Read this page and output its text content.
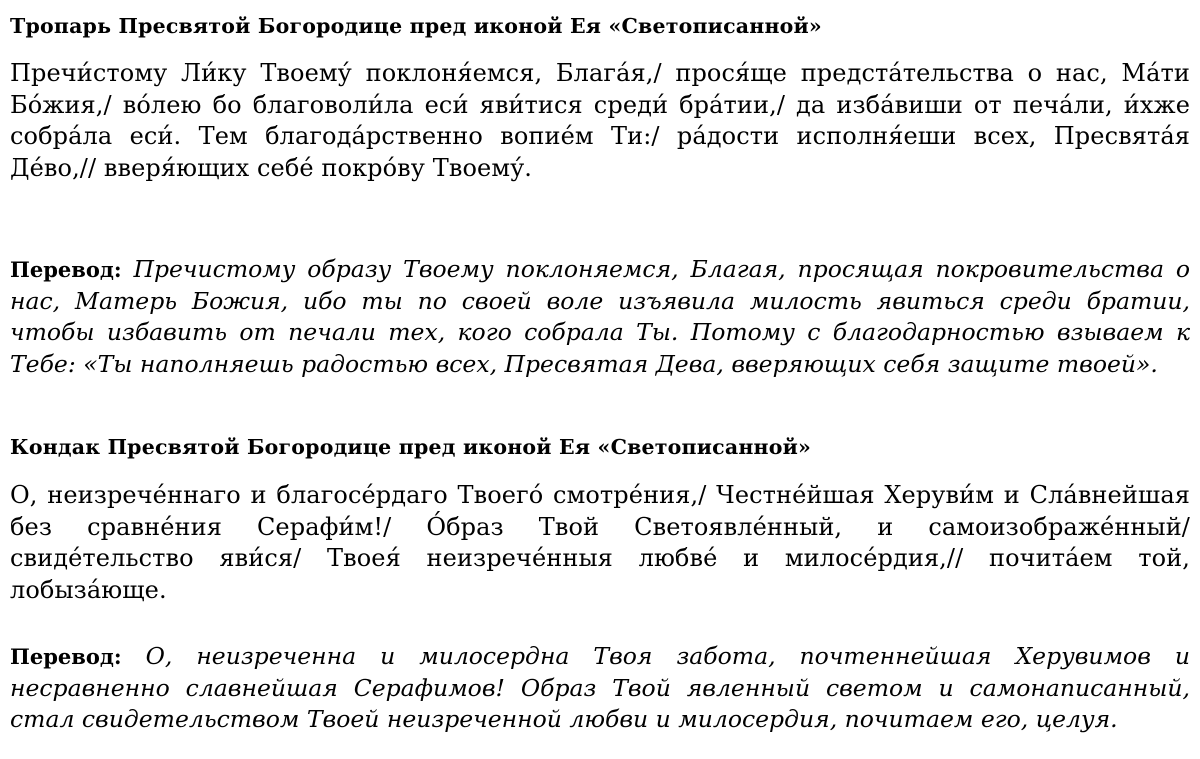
Тропарь Пресвятой Богородице пред иконой Ея «Светописанной»

Пречи́стому Ли́ку Твоему́ поклоня́емся, Блага́я,/ прося́ще предста́тельства о нас, Ма́ти Бо́жия,/ во́лею бо благоволи́ла еси́ яви́тися среди́ бра́тии,/ да изба́виши от печа́ли, и́хже собра́ла еси́. Тем благода́рственно вопие́м Ти:/ ра́дости исполня́еши всех, Пресвята́я Де́во,// вверя́ющих себе́ покро́ву Твоему́.

Перевод: Пречистому образу Твоему поклоняемся, Благая, просящая покровительства о нас, Матерь Божия, ибо ты по своей воле изъявила милость явиться среди братии, чтобы избавить от печали тех, кого собрала Ты. Потому с благодарностью взываем к Тебе: «Ты наполняешь радостью всех, Пресвятая Дева, вверяющих себя защите твоей».

Кондак Пресвятой Богородице пред иконой Ея «Светописанной»

О, неизрече́ннаго и благосе́рдаго Твоего́ смотре́ния,/ Честне́йшая Херуви́м и Сла́внейшая без сравне́ния Серафи́м!/ О́браз Твой Светоявле́нный, и самоизображе́нный/ свиде́тельство яви́ся/ Твоея́ неизрече́нныя любве́ и милосе́рдия,// почита́ем той, лобыза́юще.

Перевод: О, неизреченна и милосердна Твоя забота, почтеннейшая Херувимов и несравненно славнейшая Серафимов! Образ Твой явленный светом и самонаписанный, стал свидетельством Твоей неизреченной любви и милосердия, почитаем его, целуя.
